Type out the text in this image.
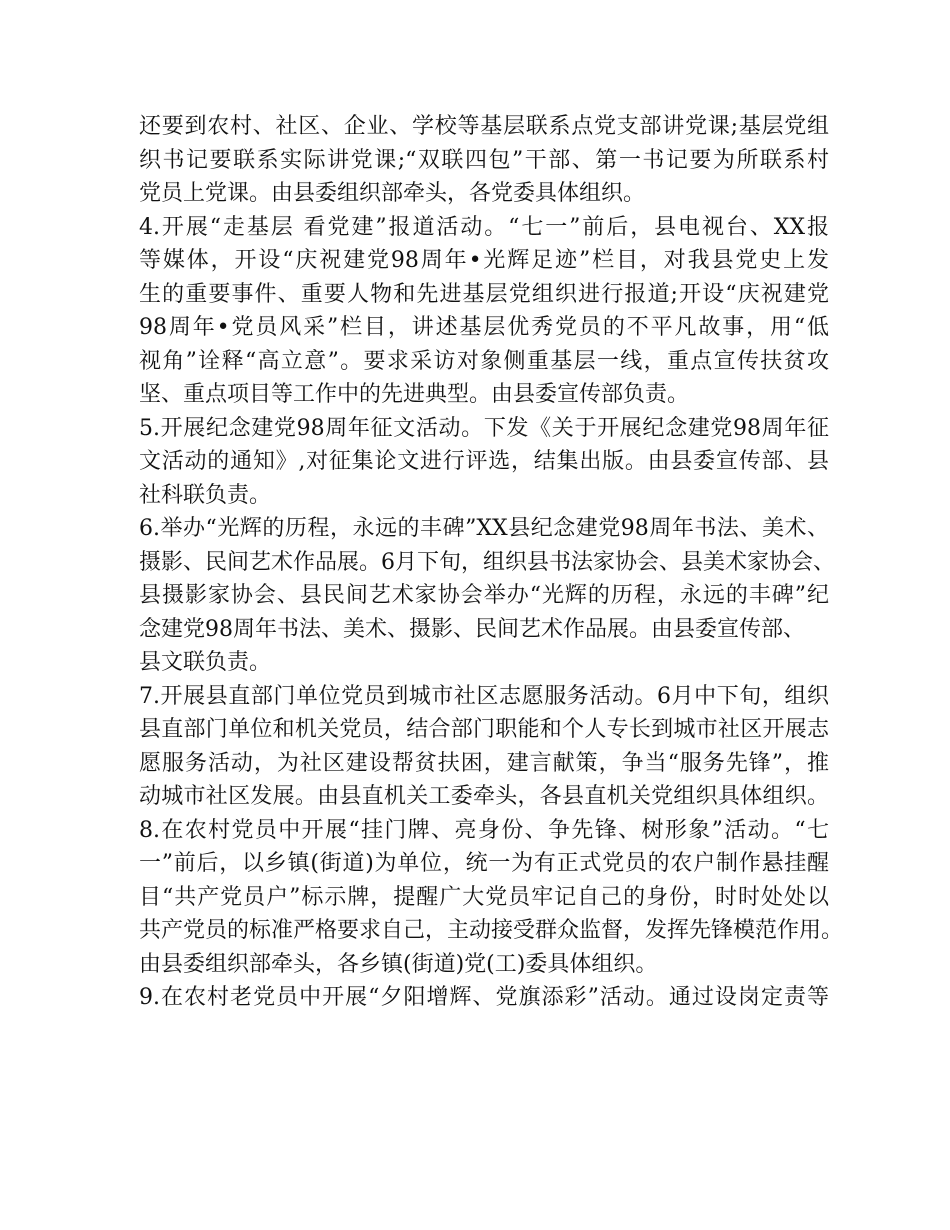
还要到农村、社区、企业、学校等基层联系点党支部讲党课;基层党组
织书记要联系实际讲党课;“双联四包”干部、第一书记要为所联系村
党员上党课。由县委组织部牵头，各党委具体组织。
4.开展“走基层 看党建”报道活动。“七一”前后，县电视台、XX报
等媒体，开设“庆祝建党98周年•光辉足迹”栏目，对我县党史上发
生的重要事件、重要人物和先进基层党组织进行报道;开设“庆祝建党
98周年•党员风采”栏目，讲述基层优秀党员的不平凡故事，用“低
视角”诠释“高立意”。要求采访对象侧重基层一线，重点宣传扶贫攻
坚、重点项目等工作中的先进典型。由县委宣传部负责。
5.开展纪念建党98周年征文活动。下发《关于开展纪念建党98周年征
文活动的通知》,对征集论文进行评选，结集出版。由县委宣传部、县
社科联负责。
6.举办“光辉的历程，永远的丰碑”XX县纪念建党98周年书法、美术、
摄影、民间艺术作品展。6月下旬，组织县书法家协会、县美术家协会、
县摄影家协会、县民间艺术家协会举办“光辉的历程，永远的丰碑”纪
念建党98周年书法、美术、摄影、民间艺术作品展。由县委宣传部、
县文联负责。
7.开展县直部门单位党员到城市社区志愿服务活动。6月中下旬，组织
县直部门单位和机关党员，结合部门职能和个人专长到城市社区开展志
愿服务活动，为社区建设帮贫扶困，建言献策，争当“服务先锋”，推
动城市社区发展。由县直机关工委牵头，各县直机关党组织具体组织。
8.在农村党员中开展“挂门牌、亮身份、争先锋、树形象”活动。“七
一”前后，以乡镇(街道)为单位，统一为有正式党员的农户制作悬挂醒
目“共产党员户”标示牌，提醒广大党员牢记自己的身份，时时处处以
共产党员的标准严格要求自己，主动接受群众监督，发挥先锋模范作用。
由县委组织部牵头，各乡镇(街道)党(工)委具体组织。
9.在农村老党员中开展“夕阳增辉、党旗添彩”活动。通过设岗定责等
